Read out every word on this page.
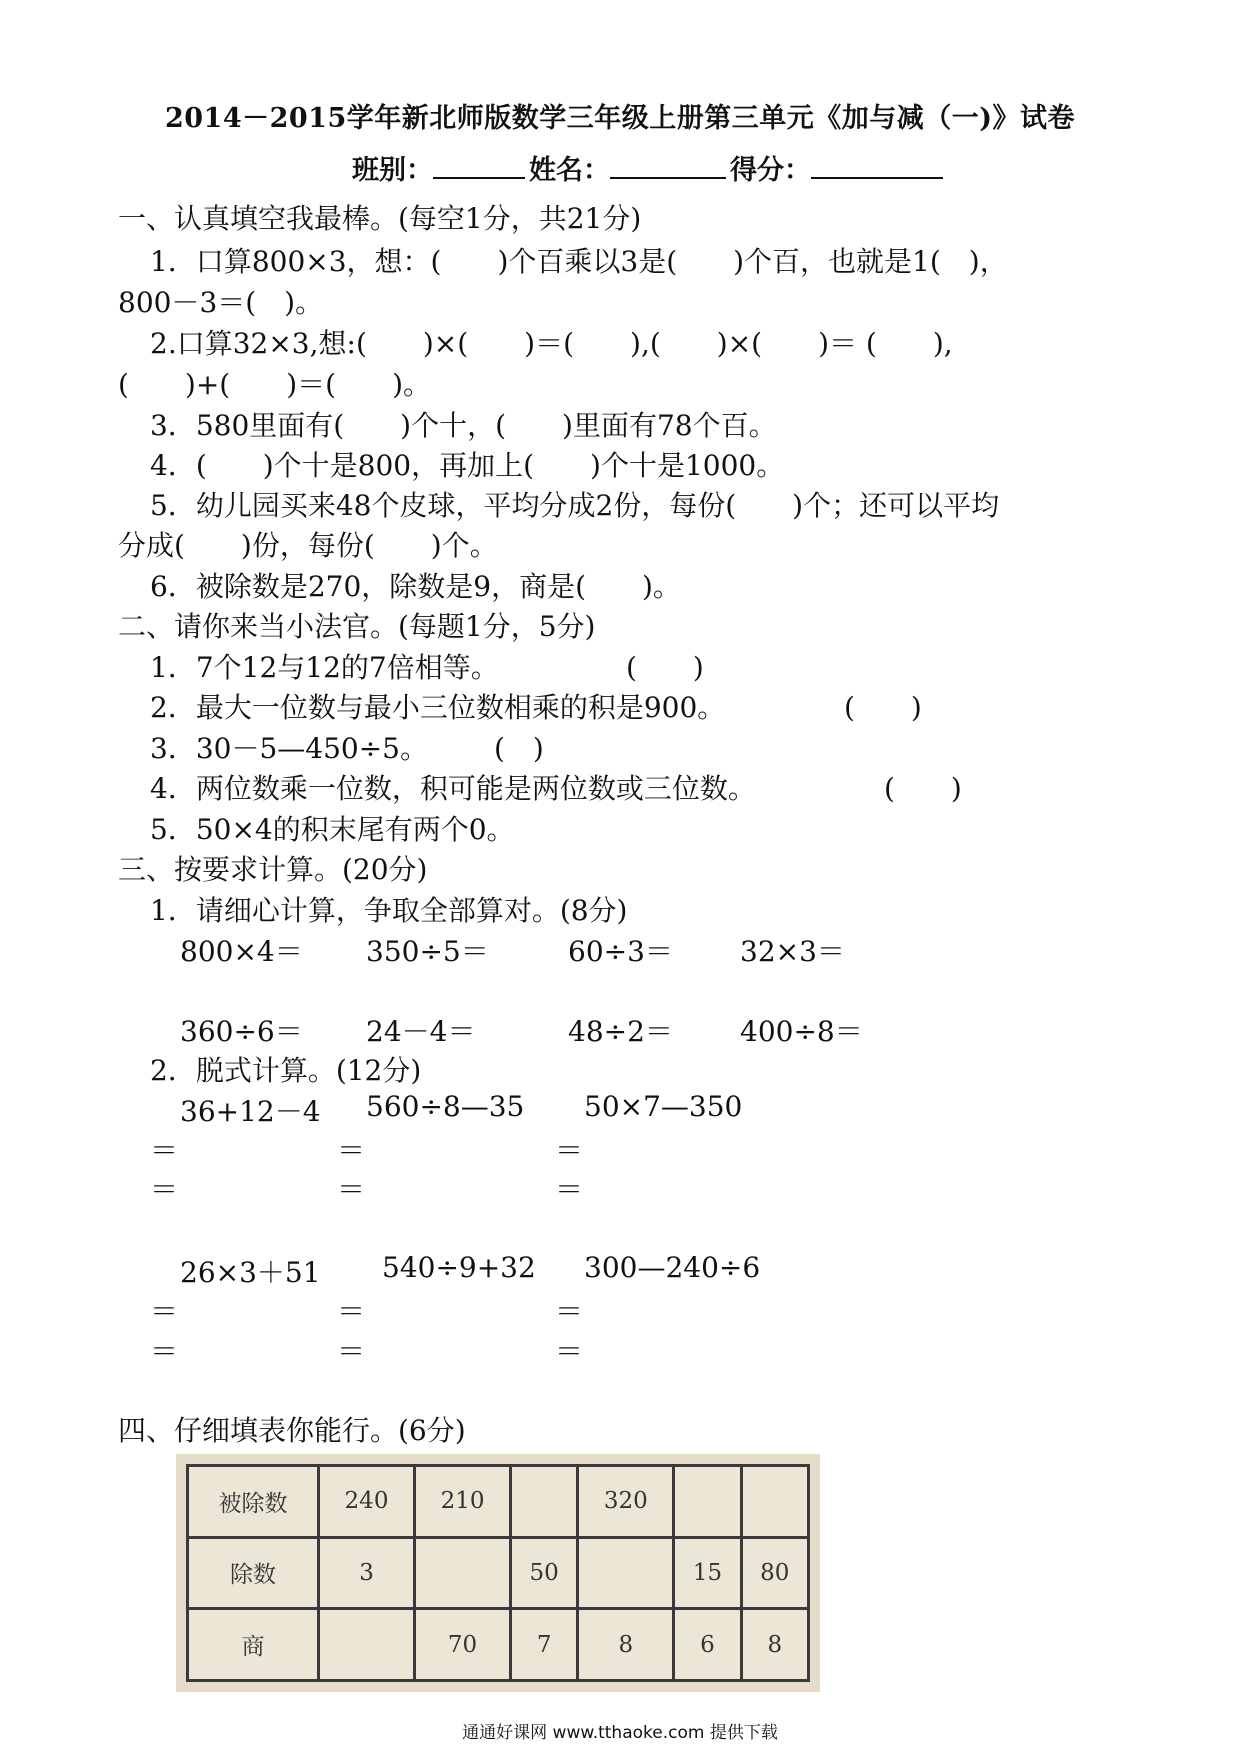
2014－2015学年新北师版数学三年级上册第三单元《加与减（一)》试卷
班别：	姓名：	得分：
一、认真填空我最棒。(每空1分，共21分)
1．口算800×3，想：(　　)个百乘以3是(　　)个百，也就是1(　)，
800－3＝(　)。
2.口算32×3,想:(　　)×(　　)＝(　　),(　　)×(　　)＝ (　　),
(　　)+(　　)＝(　　)。
3．580里面有(　　)个十，(　　)里面有78个百。
4．(　　)个十是800，再加上(　　)个十是1000。
5．幼儿园买来48个皮球，平均分成2份，每份(　　)个；还可以平均
分成(　　)份，每份(　　)个。
6．被除数是270，除数是9，商是(　　)。
二、请你来当小法官。(每题1分，5分)
1．7个12与12的7倍相等。	(　　)
2．最大一位数与最小三位数相乘的积是900。	(　　)
3．30－5—450÷5。 (　)
4．两位数乘一位数，积可能是两位数或三位数。	(　　)
5．50×4的积末尾有两个0。
三、按要求计算。(20分)
1．请细心计算，争取全部算对。(8分)
800×4＝ 350÷5＝	60÷3＝ 32×3＝
360÷6＝ 24－4＝	48÷2＝ 400÷8＝
2．脱式计算。(12分)
36+12－4 560÷8—35 50×7—350
＝	＝	＝
＝	＝	＝
26×3＋51 540÷9+32 300—240÷6
＝	＝	＝
＝	＝	＝
四、仔细填表你能行。(6分)
被除数	240	210		320		
除数	3		50		15	80
商		70	7	8	6	8
通通好课网 www.tthaoke.com 提供下载
